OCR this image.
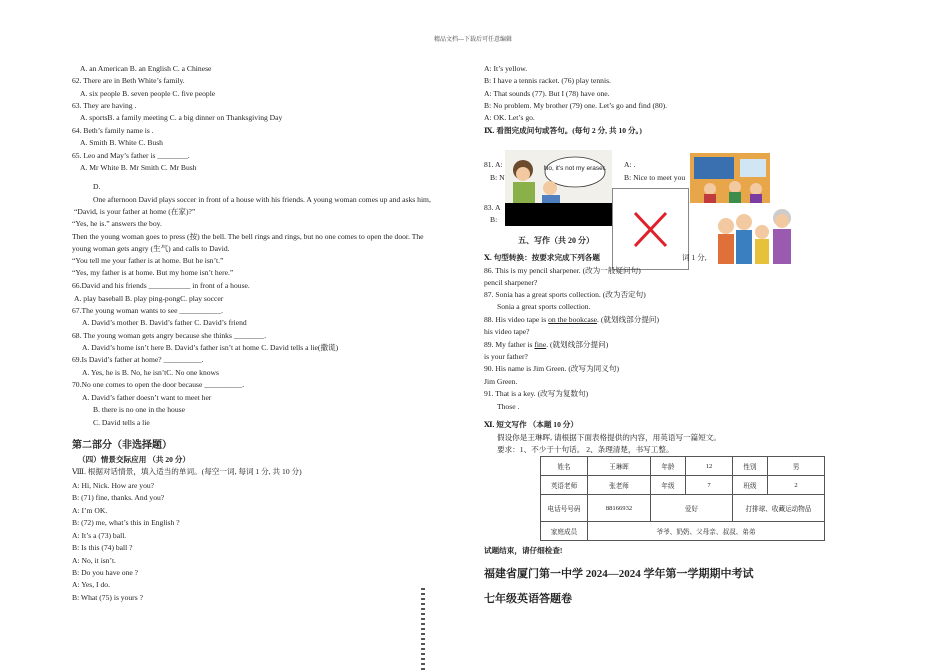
精品文档---下载后可任意编辑
A. an American B. an English C. a Chinese
62. There are in Beth White’s family.
A. six people B. seven people C. five people
63. They are having .
A. sportsB. a family meeting C. a big dinner on Thanksgiving Day
64. Beth’s family name is .
A. Smith B. White C. Bush
65. Leo and May’s father is ________.
A. Mr White B. Mr Smith C. Mr Bush
D.
One afternoon David plays soccer in front of a house with his friends. A young woman comes up and asks him,
“David, is your father at home (在家)?”
“Yes, he is.” answers the boy.
Then the young woman goes to press (按) the bell. The bell rings and rings, but no one comes to open the door. The
young woman gets angry (生气) and calls to David.
“You tell me your father is at home. But he isn’t.”
“Yes, my father is at home. But my home isn’t here.”
66.David and his friends ___________ in front of a house.
A. play baseball B. play ping-pongC. play soccer
67.The young woman wants to see ___________.
A. David’s mother B. David’s father C. David’s friend
68. The young woman gets angry because she thinks ________.
A. David’s home isn’t here B. David’s father isn’t at home C. David tells a lie(撒谎)
69.Is David’s father at home? __________.
A. Yes, he is B. No, he isn’tC. No one knows
70.No one comes to open the door because __________.
A. David’s father doesn’t want to meet her
B. there is no one in the house
C. David tells a lie
第二部分（非选择题）
（四）情景交际应用 （共 20 分）
Ⅷ. 根据对话情景，填入适当的单词。(每空一词, 每词 1 分, 共 10 分)
A: Hi, Nick. How are you?
B: (71) fine, thanks. And you?
A: I’m OK.
B: (72) me, what’s this in English ?
A: It’s a (73) ball.
B: Is this (74) ball ?
A: No, it isn’t.
B: Do you have one ?
A: Yes, I do.
B: What (75) is yours ?
A: It’s yellow.
B: I have a tennis racket. (76) play tennis.
A: That sounds (77). But I (78) have one.
B: No problem. My brother (79) one. Let’s go and find (80).
A: OK. Let’s go.
Ⅸ. 看图完成问句或答句。(每句 2 分, 共 10 分。)
81. A:
B: N
No, it's not my eraser. A: .
B: Nice to meet you
83. A
B:
五、写作（共 20 分）
Ⅹ. 句型转换：按要求完成下列各题	词 1 分,
86. This is my pencil sharpener. (改为一般疑问句)
pencil sharpener?
87. Sonia has a great sports collection. (改为否定句)
Sonia a great sports collection.
88. His video tape is on the bookcase. (就划线部分提问)
his video tape?
89. My father is fine. (就划线部分提问)
is your father?
90. His name is Jim Green. (改写为同义句)
Jim Green.
91. That is a key. (改写为复数句)
Those .
Ⅺ. 短文写作 （本题 10 分）
假设你是王琳晖, 请根据下面表格提供的内容，用英语写一篇短文。
要求：1、不少于十句话。 2、条理清楚，书写工整。
姓名	王琳晖	年龄	12	性别	男
英语老师	张老师	年级	7	班级	2
电话号号码	88166932	爱好		打排球、收藏运动物品	
家庭成员	爷爷、奶奶、父母亲、叔叔、弟弟				
试题结束，请仔细检查!
福建省厦门第一中学 2024—2024 学年第一学期期中考试
七年级英语答题卷
